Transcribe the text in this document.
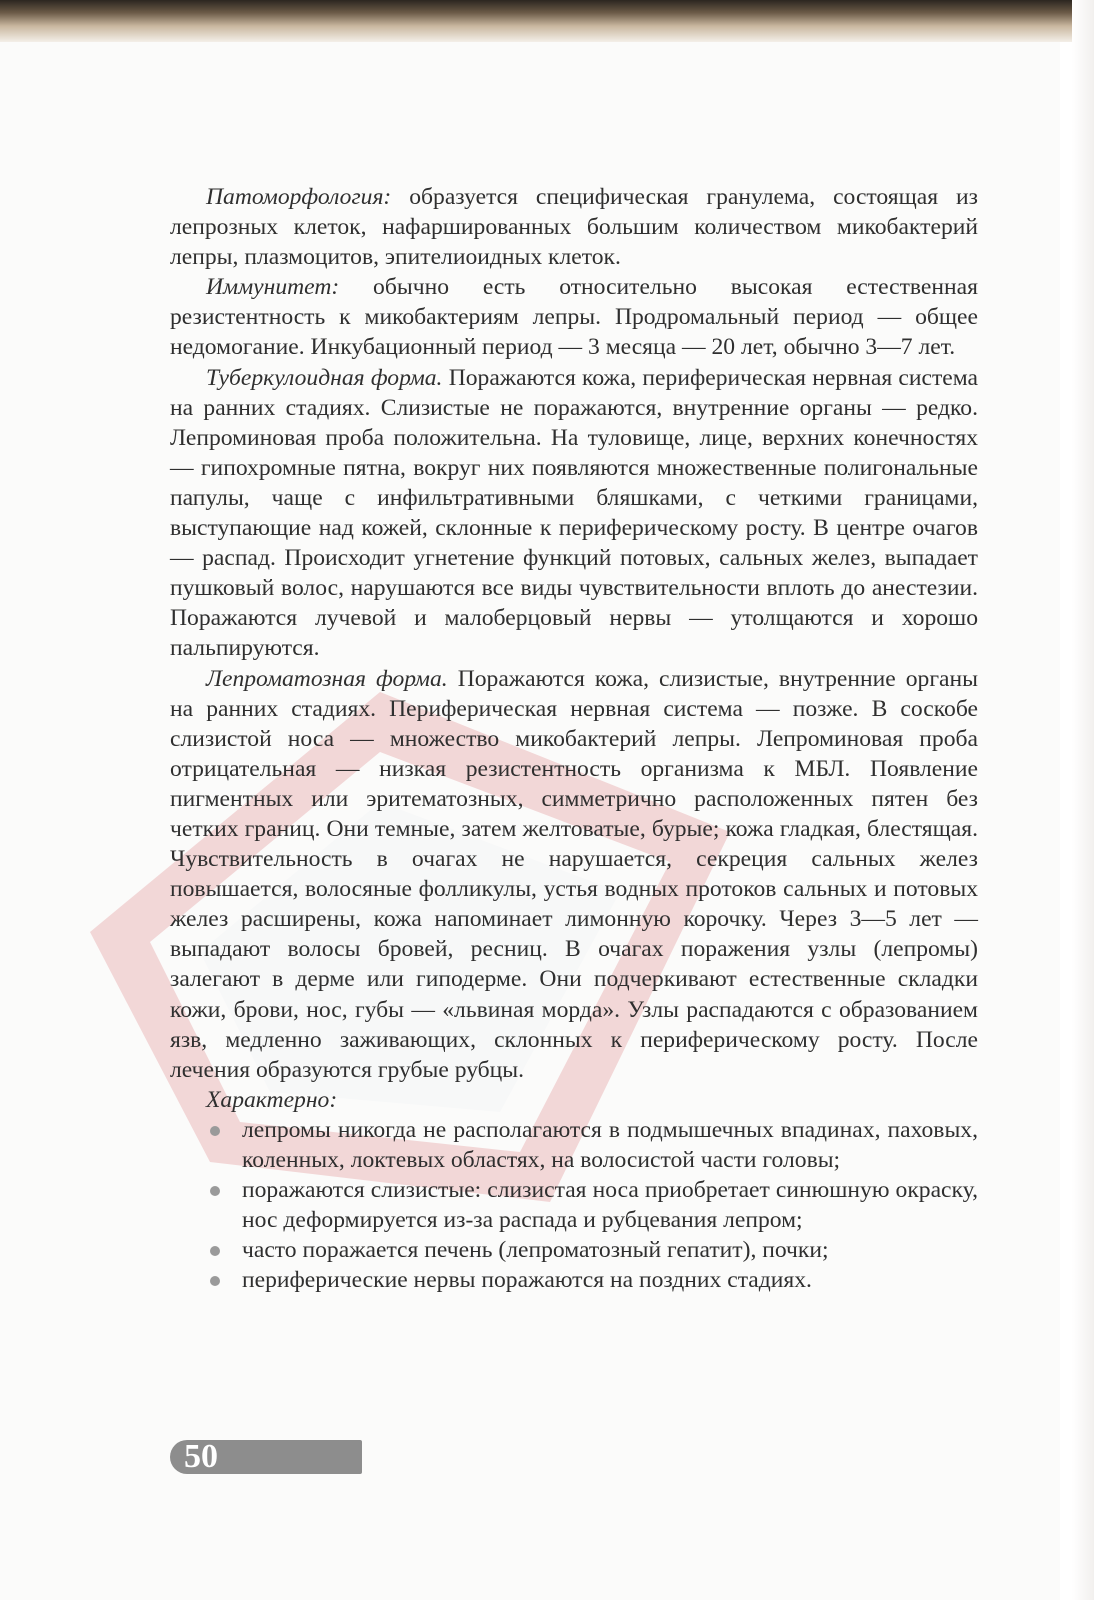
Патоморфология: образуется специфическая гранулема, состоящая из лепрозных клеток, нафаршированных большим количеством микобактерий лепры, плазмоцитов, эпителиоидных клеток.

Иммунитет: обычно есть относительно высокая естественная резистентность к микобактериям лепры. Продромальный период — общее недомогание. Инкубационный период — 3 месяца — 20 лет, обычно 3—7 лет.

Туберкулоидная форма. Поражаются кожа, периферическая нервная система на ранних стадиях. Слизистые не поражаются, внутренние органы — редко. Лепроминовая проба положительна. На туловище, лице, верхних конечностях — гипохромные пятна, вокруг них появляются множественные полигональные папулы, чаще с инфильтративными бляшками, с четкими границами, выступающие над кожей, склонные к периферическому росту. В центре очагов — распад. Происходит угнетение функций потовых, сальных желез, выпадает пушковый волос, нарушаются все виды чувствительности вплоть до анестезии. Поражаются лучевой и малоберцовый нервы — утолщаются и хорошо пальпируются.

Лепроматозная форма. Поражаются кожа, слизистые, внутренние органы на ранних стадиях. Периферическая нервная система — позже. В соскобе слизистой носа — множество микобактерий лепры. Лепроминовая проба отрицательная — низкая резистентность организма к МБЛ. Появление пигментных или эритематозных, симметрично расположенных пятен без четких границ. Они темные, затем желтоватые, бурые; кожа гладкая, блестящая. Чувствительность в очагах не нарушается, секреция сальных желез повышается, волосяные фолликулы, устья водных протоков сальных и потовых желез расширены, кожа напоминает лимонную корочку. Через 3—5 лет — выпадают волосы бровей, ресниц. В очагах поражения узлы (лепромы) залегают в дерме или гиподерме. Они подчеркивают естественные складки кожи, брови, нос, губы — «львиная морда». Узлы распадаются с образованием язв, медленно заживающих, склонных к периферическому росту. После лечения образуются грубые рубцы.

Характерно:

лепромы никогда не располагаются в подмышечных впадинах, паховых, коленных, локтевых областях, на волосистой части головы;
поражаются слизистые: слизистая носа приобретает синюшную окраску, нос деформируется из-за распада и рубцевания лепром;
часто поражается печень (лепроматозный гепатит), почки;
периферические нервы поражаются на поздних стадиях.
50
